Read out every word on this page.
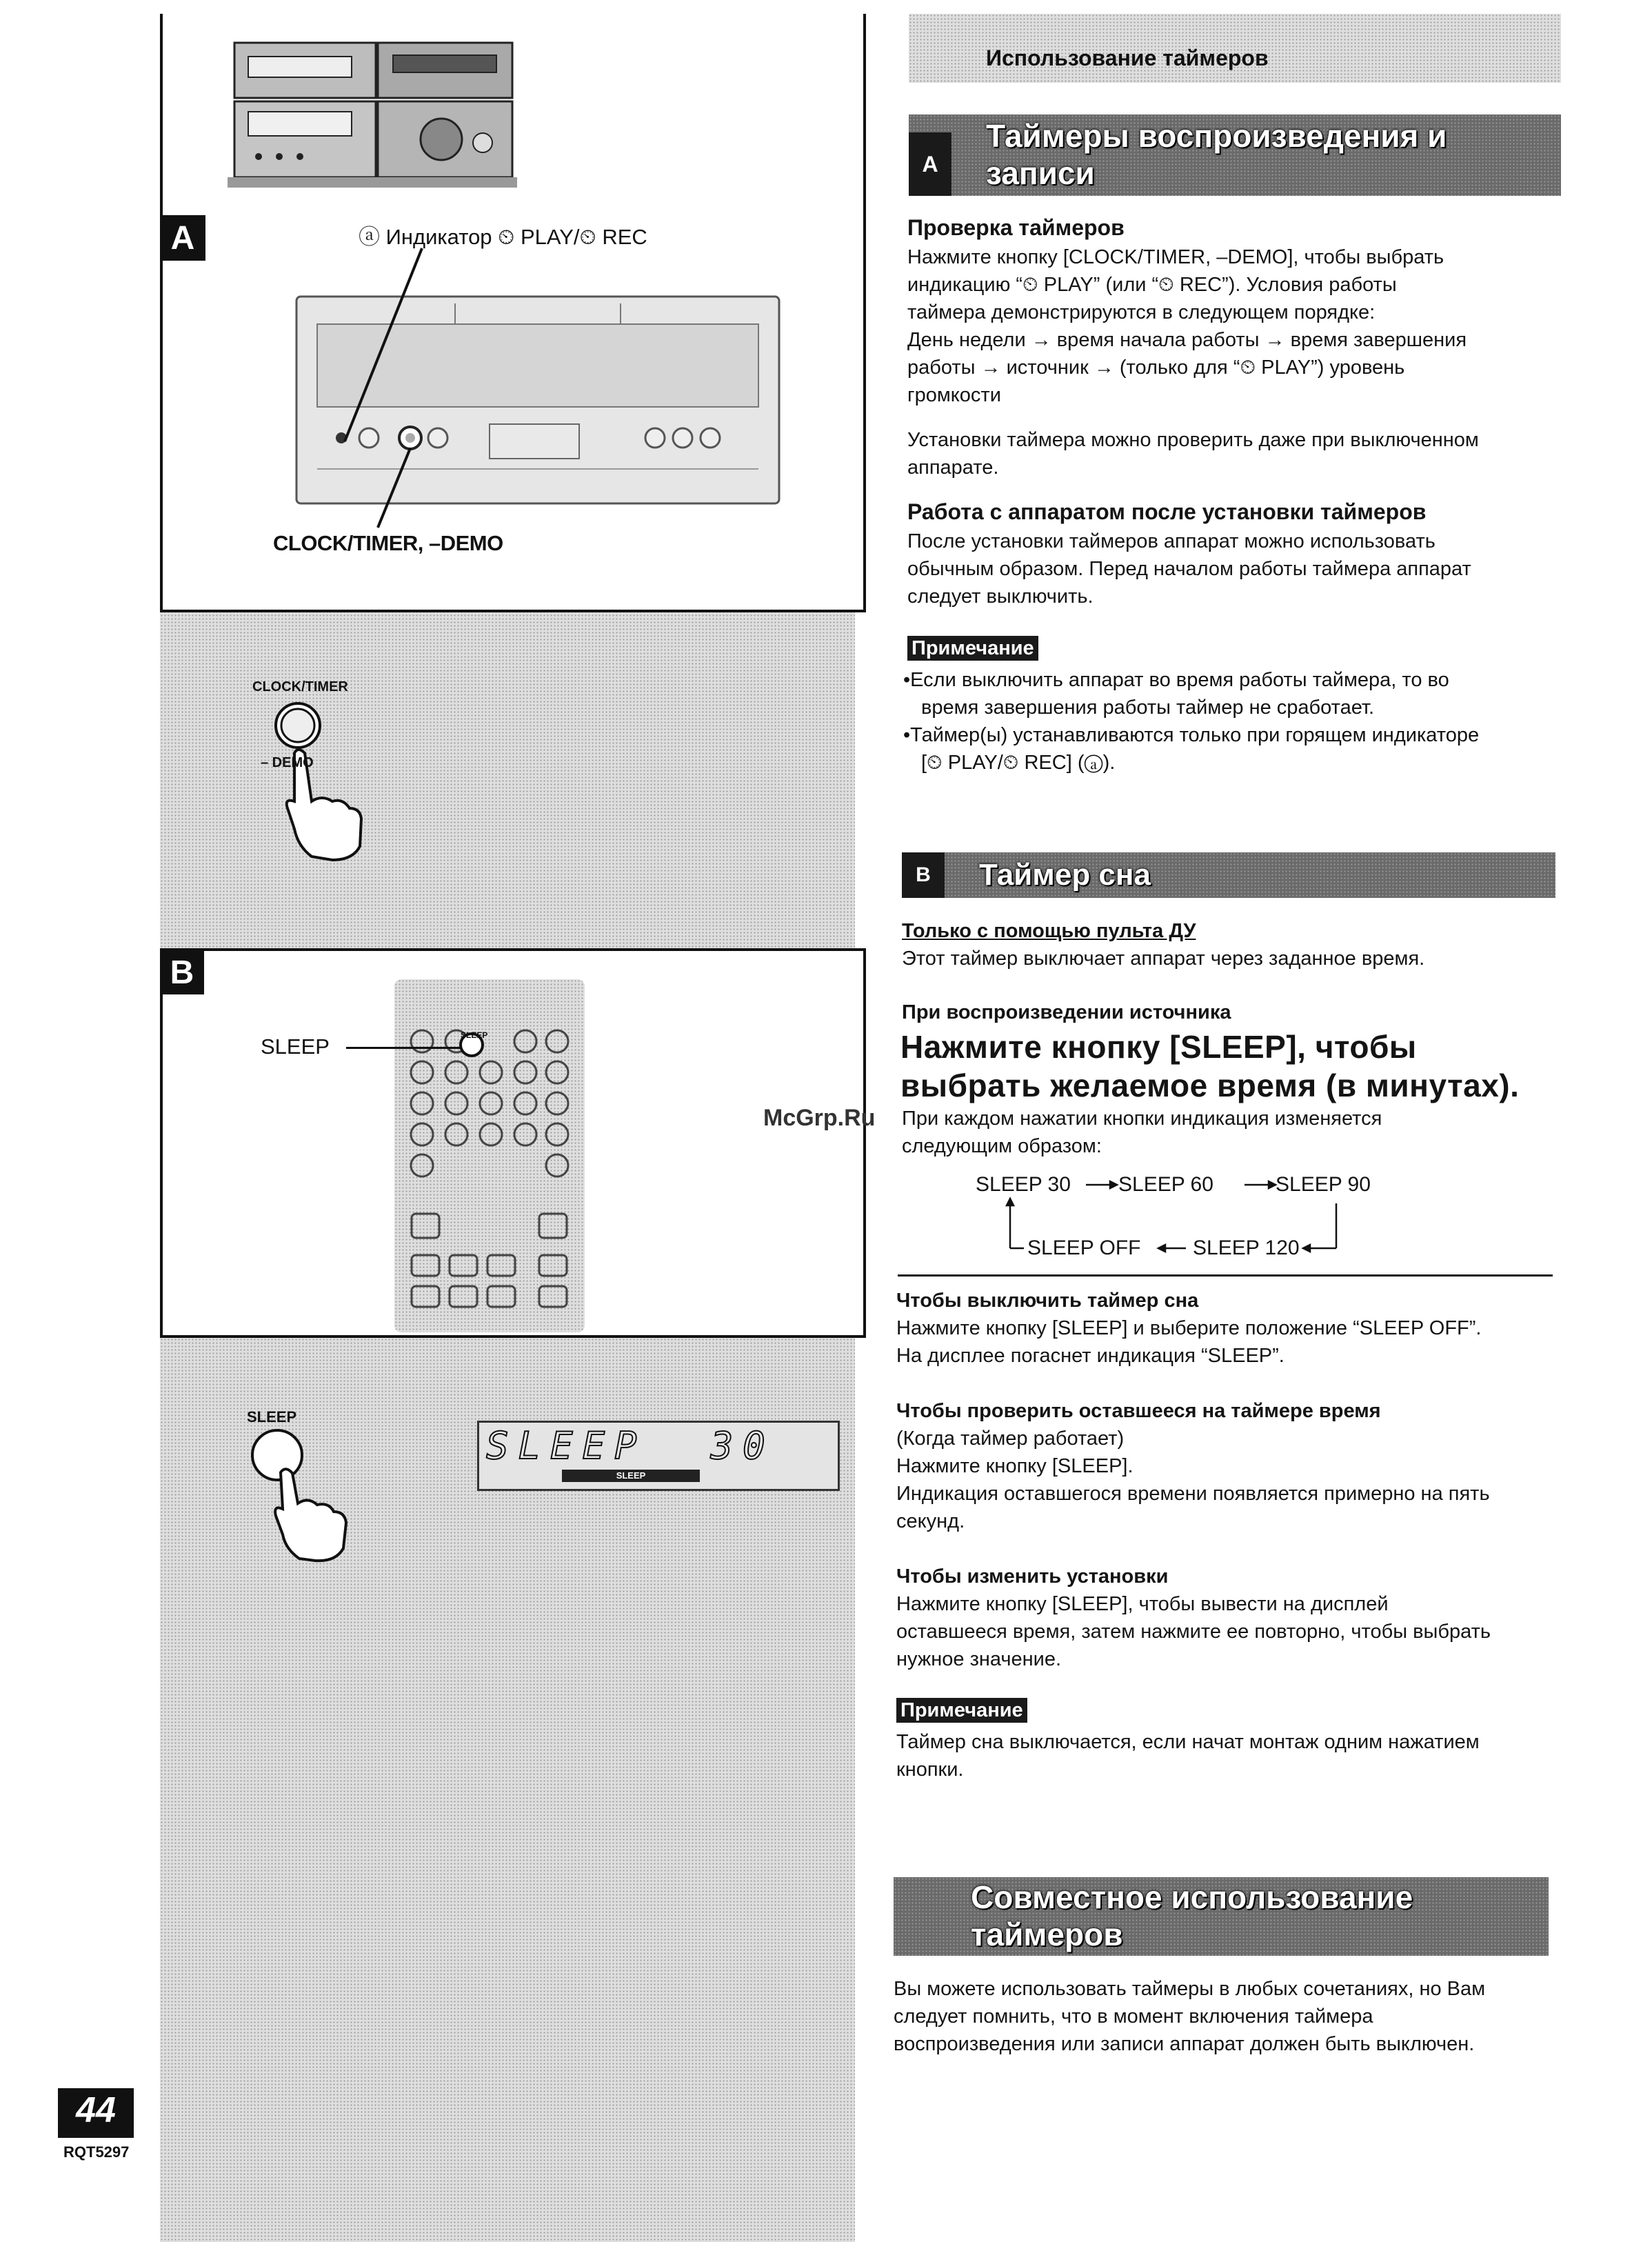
A	ⓐ Индикатор ⏲ PLAY/⏲ REC
CLOCK/TIMER, –DEMO
CLOCK/TIMER
– DEMO
B
SLEEP
SLEEP
SLEEP
SLEEP  30
SLEEP
McGrp.Ru
44
RQT5297
Использование таймеров
A
Таймеры воспроизведения и
записи
Проверка таймеров
Нажмите кнопку [CLOCK/TIMER, –DEMO], чтобы выбрать
индикацию “⏲ PLAY” (или “⏲ REC”). Условия работы
таймера демонстрируются в следующем порядке:
День недели → время начала работы → время завершения
работы → источник → (только для “⏲ PLAY”) уровень
громкости
Установки таймера можно проверить даже при выключенном
аппарате.
Работа с аппаратом после установки таймеров
После установки таймеров аппарат можно использовать
обычным образом. Перед началом работы таймера аппарат
следует выключить.
Примечание
•Если выключить аппарат во время работы таймера, то во
время завершения работы таймер не сработает.
•Таймер(ы) устанавливаются только при горящем индикаторе
[⏲ PLAY/⏲ REC] (ⓐ).
B	Таймер сна
Только с помощью пульта ДУ
Этот таймер выключает аппарат через заданное время.
При воспроизведении источника
Нажмите кнопку [SLEEP], чтобы
выбрать желаемое время (в минутах).
При каждом нажатии кнопки индикация изменяется
следующим образом:
SLEEP 30 SLEEP 60	SLEEP 90
SLEEP OFF	SLEEP 120
Чтобы выключить таймер сна
Нажмите кнопку [SLEEP] и выберите положение “SLEEP OFF”.
На дисплее погаснет индикация “SLEEP”.
Чтобы проверить оставшееся на таймере время
(Когда таймер работает)
Нажмите кнопку [SLEEP].
Индикация оставшегося времени появляется примерно на пять
секунд.
Чтобы изменить установки
Нажмите кнопку [SLEEP], чтобы вывести на дисплей
оставшееся время, затем нажмите ее повторно, чтобы выбрать
нужное значение.
Примечание
Таймер сна выключается, если начат монтаж одним нажатием
кнопки.
Совместное использование
таймеров
Вы можете использовать таймеры в любых сочетаниях, но Вам
следует помнить, что в момент включения таймера
воспроизведения или записи аппарат должен быть выключен.
